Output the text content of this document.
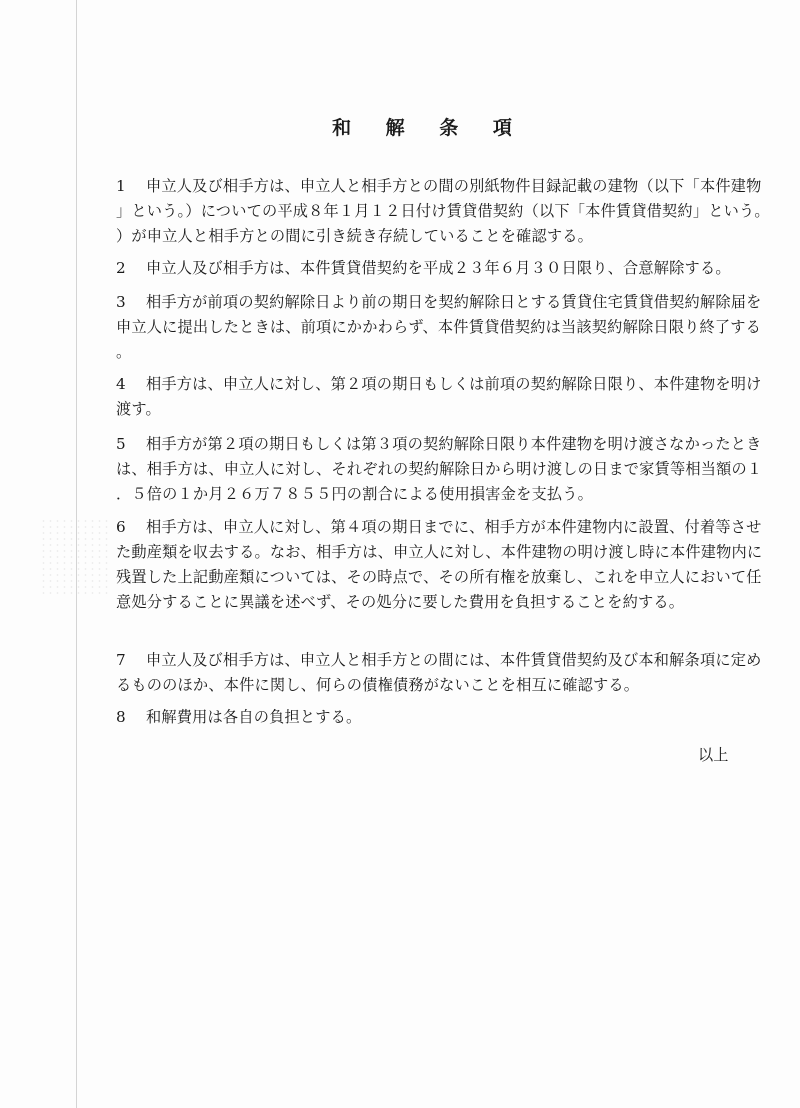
和 解 条 項
1	申立人及び相手方は、申立人と相手方との間の別紙物件目録記載の建物（以下「本件建物」という。）についての平成８年１月１２日付け賃貸借契約（以下「本件賃貸借契約」という。）が申立人と相手方との間に引き続き存続していることを確認する。
2	申立人及び相手方は、本件賃貸借契約を平成２３年６月３０日限り、合意解除する。
3	相手方が前項の契約解除日より前の期日を契約解除日とする賃貸住宅賃貸借契約解除届を申立人に提出したときは、前項にかかわらず、本件賃貸借契約は当該契約解除日限り終了する。
4	相手方は、申立人に対し、第２項の期日もしくは前項の契約解除日限り、本件建物を明け渡す。
5	相手方が第２項の期日もしくは第３項の契約解除日限り本件建物を明け渡さなかったときは、相手方は、申立人に対し、それぞれの契約解除日から明け渡しの日まで家賃等相当額の１．５倍の１か月２６万７８５５円の割合による使用損害金を支払う。
6	相手方は、申立人に対し、第４項の期日までに、相手方が本件建物内に設置、付着等させた動産類を収去する。なお、相手方は、申立人に対し、本件建物の明け渡し時に本件建物内に残置した上記動産類については、その時点で、その所有権を放棄し、これを申立人において任意処分することに異議を述べず、その処分に要した費用を負担することを約する。
7	申立人及び相手方は、申立人と相手方との間には、本件賃貸借契約及び本和解条項に定めるもののほか、本件に関し、何らの債権債務がないことを相互に確認する。
8	和解費用は各自の負担とする。
以上
